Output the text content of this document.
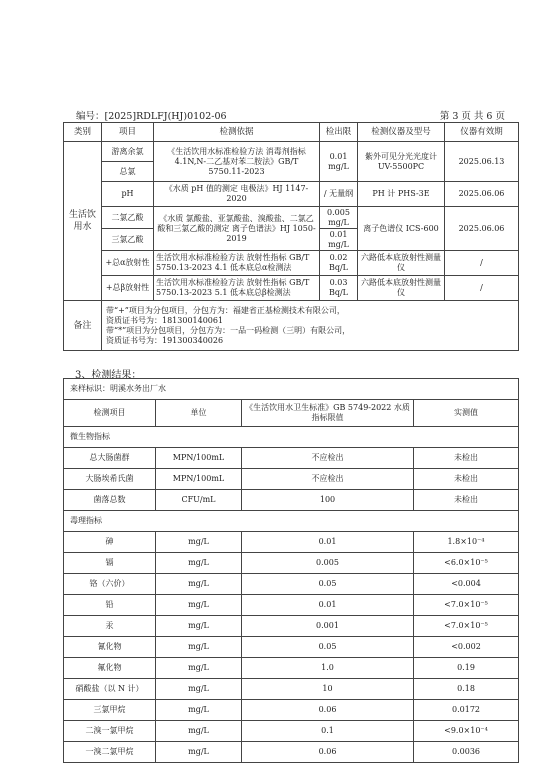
编号：[2025]RDLFJ(HJ)0102-06	第 3 页 共 6 页
类别	项目	检测依据	检出限	检测仪器及型号	仪器有效期
生活饮用水	游离余氯	《生活饮用水标准检验方法 消毒剂指标4.1N,N-二乙基对苯二胺法》GB/T 5750.11-2023	0.01 mg/L	紫外可见分光光度计 UV-5500PC	2025.06.13
	总氯				
	pH	《水质 pH 值的测定 电极法》HJ 1147-2020	/ 无量纲	PH 计 PHS-3E	2025.06.06
	二氯乙酸	《水质 氯酸盐、亚氯酸盐、溴酸盐、二氯乙酸和三氯乙酸的测定 离子色谱法》HJ 1050-2019	0.005 mg/L	离子色谱仪 ICS-600	2025.06.06
	三氯乙酸		0.01 mg/L		
	+总α放射性	生活饮用水标准检验方法 放射性指标 GB/T 5750.13-2023 4.1 低本底总α检测法	0.02 Bq/L	六路低本底放射性测量仪	/
	+总β放射性	生活饮用水标准检验方法 放射性指标 GB/T 5750.13-2023 5.1 低本底总β检测法	0.03 Bq/L	六路低本底放射性测量仪	/
备注	带“+”项目为分包项目，分包方为：福建省正基检测技术有限公司，
资质证书号为：181300140061
带“*”项目为分包项目，分包方为：一品一码检测（三明）有限公司，
资质证书号为：191300340026				
3、检测结果：
来样标识：明溪水务出厂水			
检测项目	单位	《生活饮用水卫生标准》GB 5749-2022 水质指标限值	实测值
微生物指标			
总大肠菌群	MPN/100mL	不应检出	未检出
大肠埃希氏菌	MPN/100mL	不应检出	未检出
菌落总数	CFU/mL	100	未检出
毒理指标			
砷	mg/L	0.01	1.8×10⁻⁴
镉	mg/L	0.005	<6.0×10⁻⁵
铬（六价）	mg/L	0.05	<0.004
铅	mg/L	0.01	<7.0×10⁻⁵
汞	mg/L	0.001	<7.0×10⁻⁵
氰化物	mg/L	0.05	<0.002
氟化物	mg/L	1.0	0.19
硝酸盐（以 N 计）	mg/L	10	0.18
三氯甲烷	mg/L	0.06	0.0172
二溴一氯甲烷	mg/L	0.1	<9.0×10⁻⁴
一溴二氯甲烷	mg/L	0.06	0.0036
